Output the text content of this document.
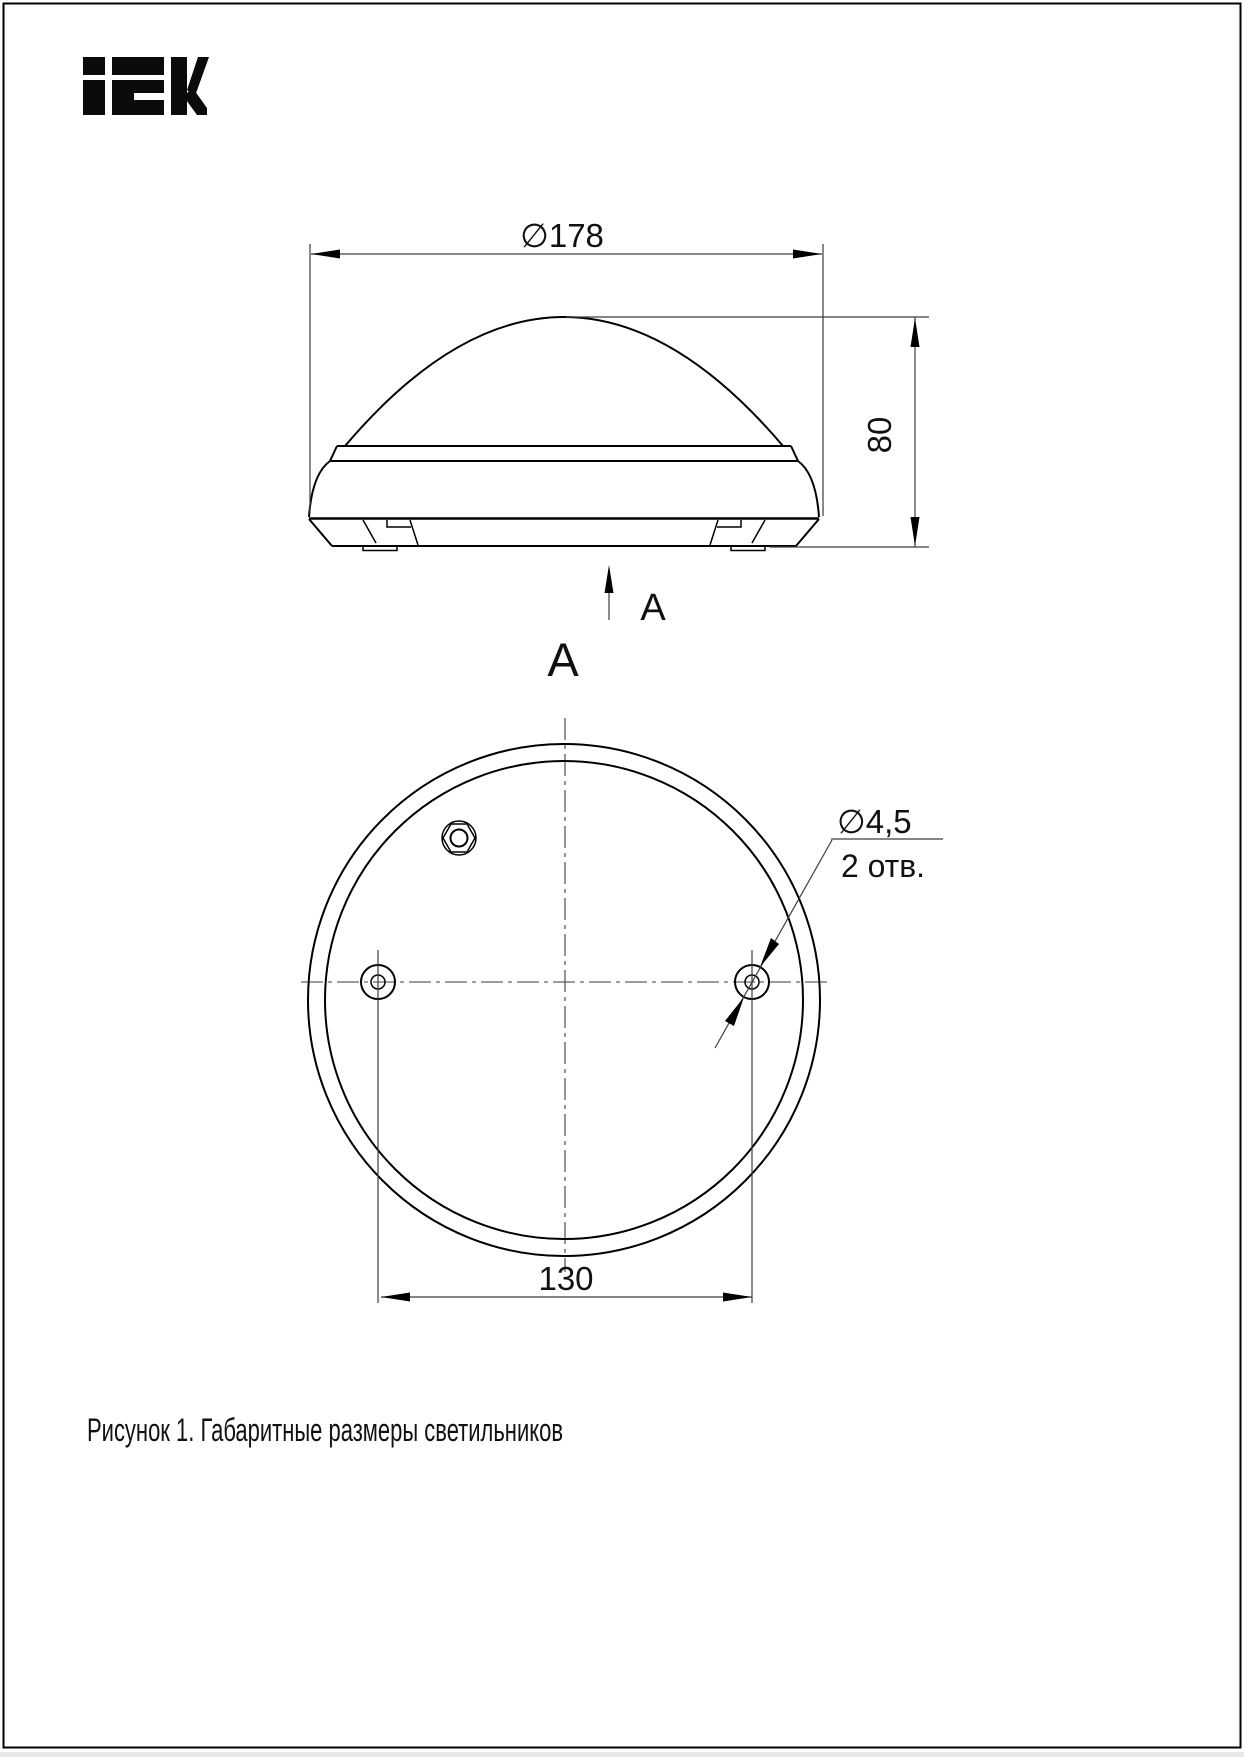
∅178
80
A
A
∅4,5
2 отв.
130
Рисунок 1. Габаритные размеры светильников
